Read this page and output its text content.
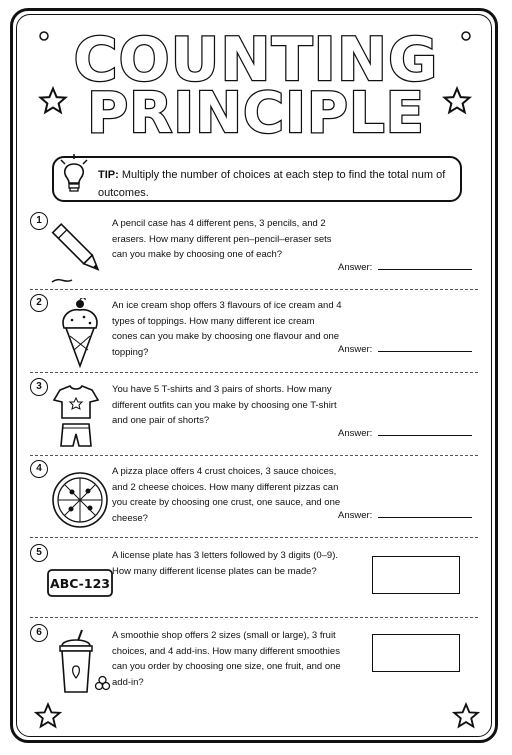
COUNTING
PRINCIPLE
TIP: Multiply the number of choices at each step to find the total num of outcomes.
1	A pencil case has 4 different pens, 3 pencils, and 2 erasers. How many different pen–pencil–eraser sets can you make by choosing one of each?
Answer:
2	An ice cream shop offers 3 flavours of ice cream and 4 types of toppings. How many different ice cream cones can you make by choosing one flavour and one topping?	Answer:
3	You have 5 T-shirts and 3 pairs of shorts. How many different outfits can you make by choosing one T-shirt and one pair of shorts?
Answer:
4	A pizza place offers 4 crust choices, 3 sauce choices, and 2 cheese choices. How many different pizzas can you create by choosing one crust, one sauce, and one cheese?	Answer:
5
ABC-123
A license plate has 3 letters followed by 3 digits (0–9). How many different license plates can be made?
6	A smoothie shop offers 2 sizes (small or large), 3 fruit choices, and 4 add-ins. How many different smoothies can you order by choosing one size, one fruit, and one add-in?
